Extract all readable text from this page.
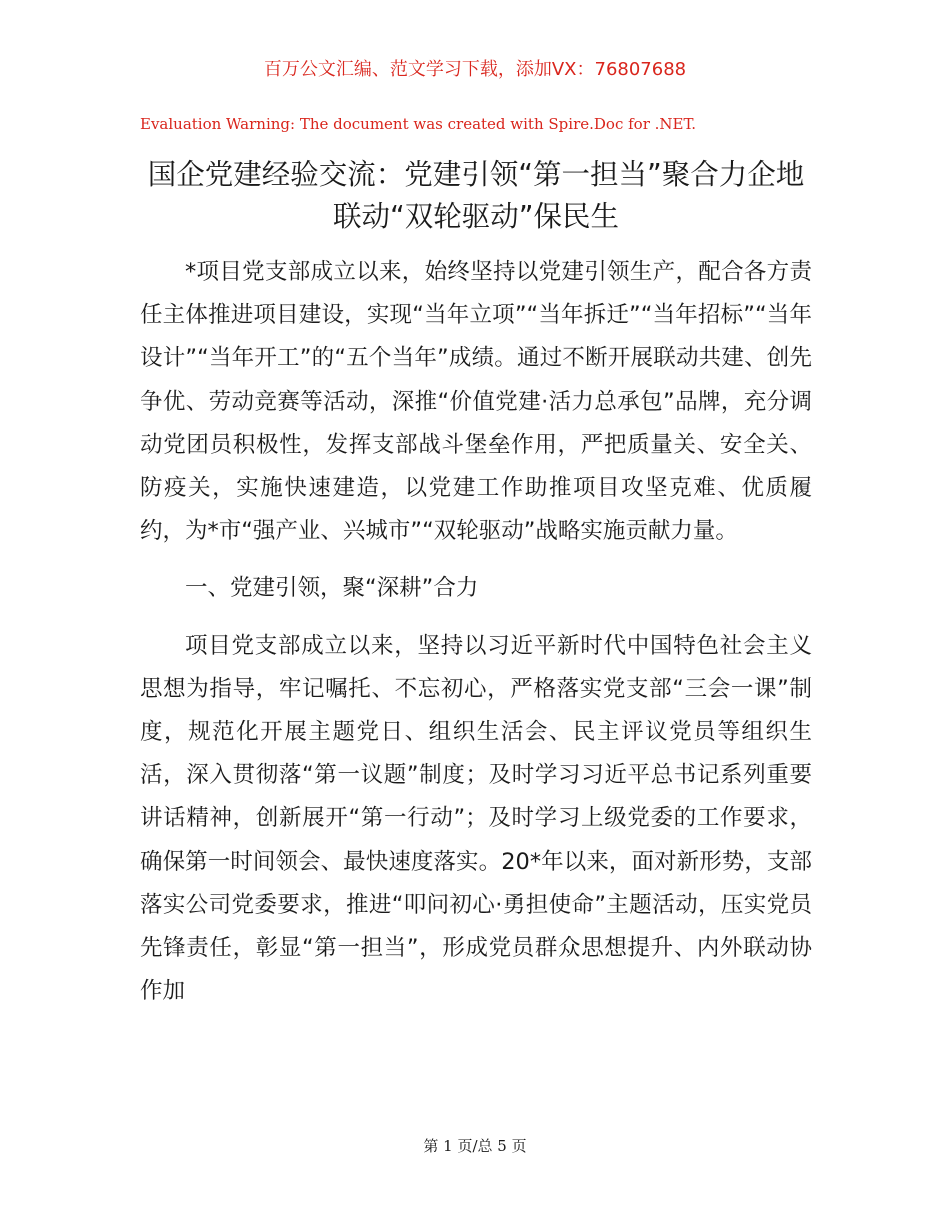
百万公文汇编、范文学习下载，添加VX：76807688
Evaluation Warning: The document was created with Spire.Doc for .NET.
国企党建经验交流：党建引领“第一担当”聚合力企地联动“双轮驱动”保民生

*项目党支部成立以来，始终坚持以党建引领生产，配合各方责任主体推进项目建设，实现“当年立项”“当年拆迁”“当年招标”“当年设计”“当年开工”的“五个当年”成绩。通过不断开展联动共建、创先争优、劳动竞赛等活动，深推“价值党建·活力总承包”品牌，充分调动党团员积极性，发挥支部战斗堡垒作用，严把质量关、安全关、防疫关，实施快速建造，以党建工作助推项目攻坚克难、优质履约，为*市“强产业、兴城市”“双轮驱动”战略实施贡献力量。

一、党建引领，聚“深耕”合力

项目党支部成立以来，坚持以习近平新时代中国特色社会主义思想为指导，牢记嘱托、不忘初心，严格落实党支部“三会一课”制度，规范化开展主题党日、组织生活会、民主评议党员等组织生活，深入贯彻落“第一议题”制度；及时学习习近平总书记系列重要讲话精神，创新展开“第一行动”；及时学习上级党委的工作要求，确保第一时间领会、最快速度落实。20*年以来，面对新形势，支部落实公司党委要求，推进“叩问初心·勇担使命”主题活动，压实党员先锋责任，彰显“第一担当”，形成党员群众思想提升、内外联动协作加

第 1 页/总 5 页
